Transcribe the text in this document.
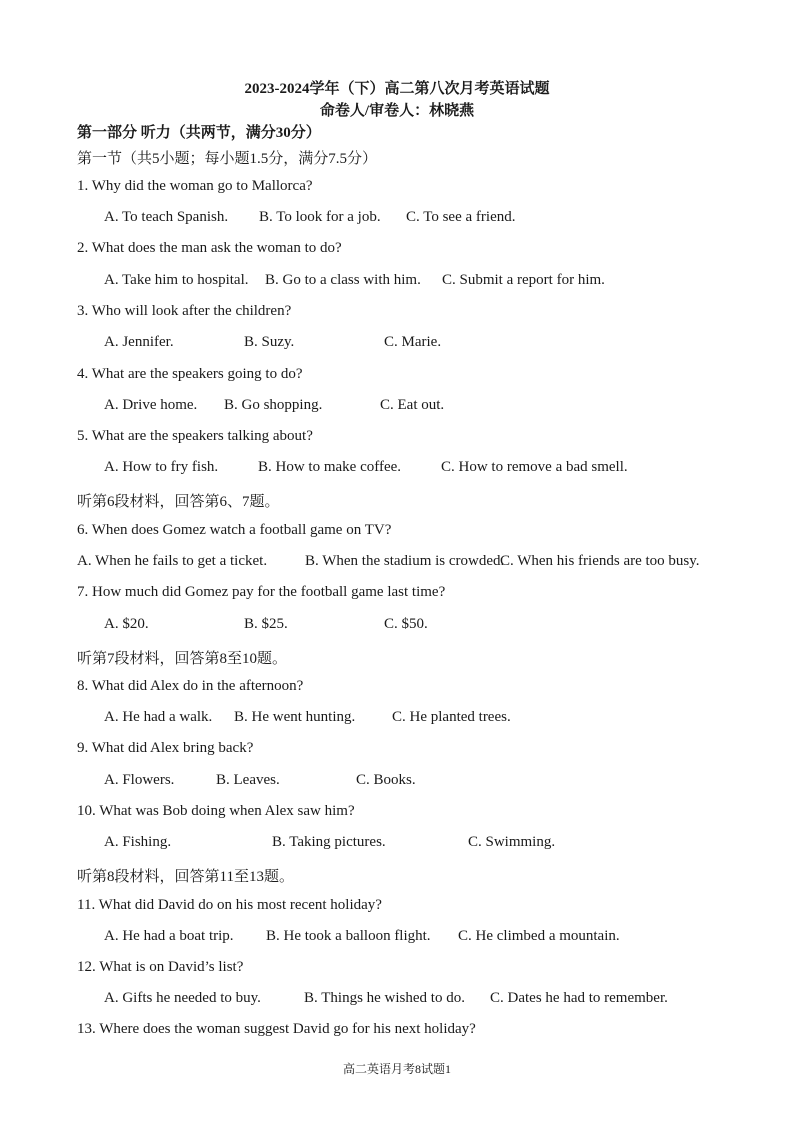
2023-2024学年（下）高二第八次月考英语试题
命卷人/审卷人：林晓燕
第一部分 听力（共两节，满分30分）
第一节（共5小题；每小题1.5分，满分7.5分）
1. Why did the woman go to Mallorca?
A. To teach Spanish. B. To look for a job. C. To see a friend.
2. What does the man ask the woman to do?
A. Take him to hospital. B. Go to a class with him. C. Submit a report for him.
3. Who will look after the children?
A. Jennifer.	B. Suzy.	C. Marie.
4. What are the speakers going to do?
A. Drive home. B. Go shopping.	C. Eat out.
5. What are the speakers talking about?
A. How to fry fish.	B. How to make coffee.	C. How to remove a bad smell.
听第6段材料，回答第6、7题。
6. When does Gomez watch a football game on TV?
A. When he fails to get a ticket.	B. When the stadium is crowded.
C. When his friends are too busy.
7. How much did Gomez pay for the football game last time?
A. $20.	B. $25.	C. $50.
听第7段材料，回答第8至10题。
8. What did Alex do in the afternoon?
A. He had a walk. B. He went hunting. C. He planted trees.
9. What did Alex bring back?
A. Flowers.	B. Leaves.	C. Books.
10. What was Bob doing when Alex saw him?
A. Fishing.	B. Taking pictures.	C. Swimming.
听第8段材料，回答第11至13题。
11. What did David do on his most recent holiday?
A. He had a boat trip. B. He took a balloon flight. C. He climbed a mountain.
12. What is on David’s list?
A. Gifts he needed to buy.	B. Things he wished to do. C. Dates he had to remember.
13. Where does the woman suggest David go for his next holiday?
高二英语月考8试题1
